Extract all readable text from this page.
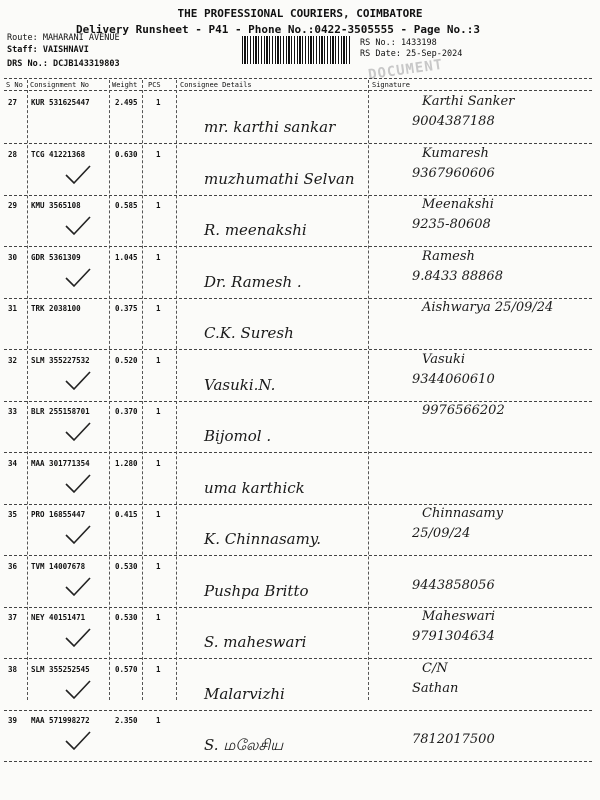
THE PROFESSIONAL COURIERS, COIMBATORE
Delivery Runsheet - P41 - Phone No.:0422-3505555 - Page No.:3
Route: MAHARANI AVENUE
Staff: VAISHNAVI
DRS No.: DCJB143319803
RS No.: 1433198
RS Date: 25-Sep-2024
DOCUMENT
S No Consignment No	Weight PCS	Consignee Details	Signature
27 KUR 531625447	2.495 1
mr. karthi sankar
Karthi Sanker
9004387188
28 TCG 41221368	0.630 1
muzhumathi Selvan
Kumaresh
9367960606
29 KMU 3565108	0.585 1
R. meenakshi
Meenakshi
9235-80608
30 GDR 5361309	1.045 1
Dr. Ramesh .
Ramesh
9.8433 88868
31 TRK 2038100	0.375 1
C.K. Suresh
Aishwarya 25/09/24
32 SLM 355227532	0.520 1
Vasuki.N.
Vasuki
9344060610
33 BLR 255158701	0.370 1
Bijomol .
9976566202
34 MAA 301771354	1.280 1
uma karthick
35 PRO 16855447	0.415 1
K. Chinnasamy.
Chinnasamy
25/09/24
36 TVM 14007678	0.530 1
Pushpa Britto	9443858056
37 NEY 40151471	0.530 1
S. maheswari
Maheswari
9791304634
38 SLM 355252545	0.570 1
Malarvizhi
C/N
Sathan
39 MAA 571998272	2.350 1
S. மலேசிய	7812017500
